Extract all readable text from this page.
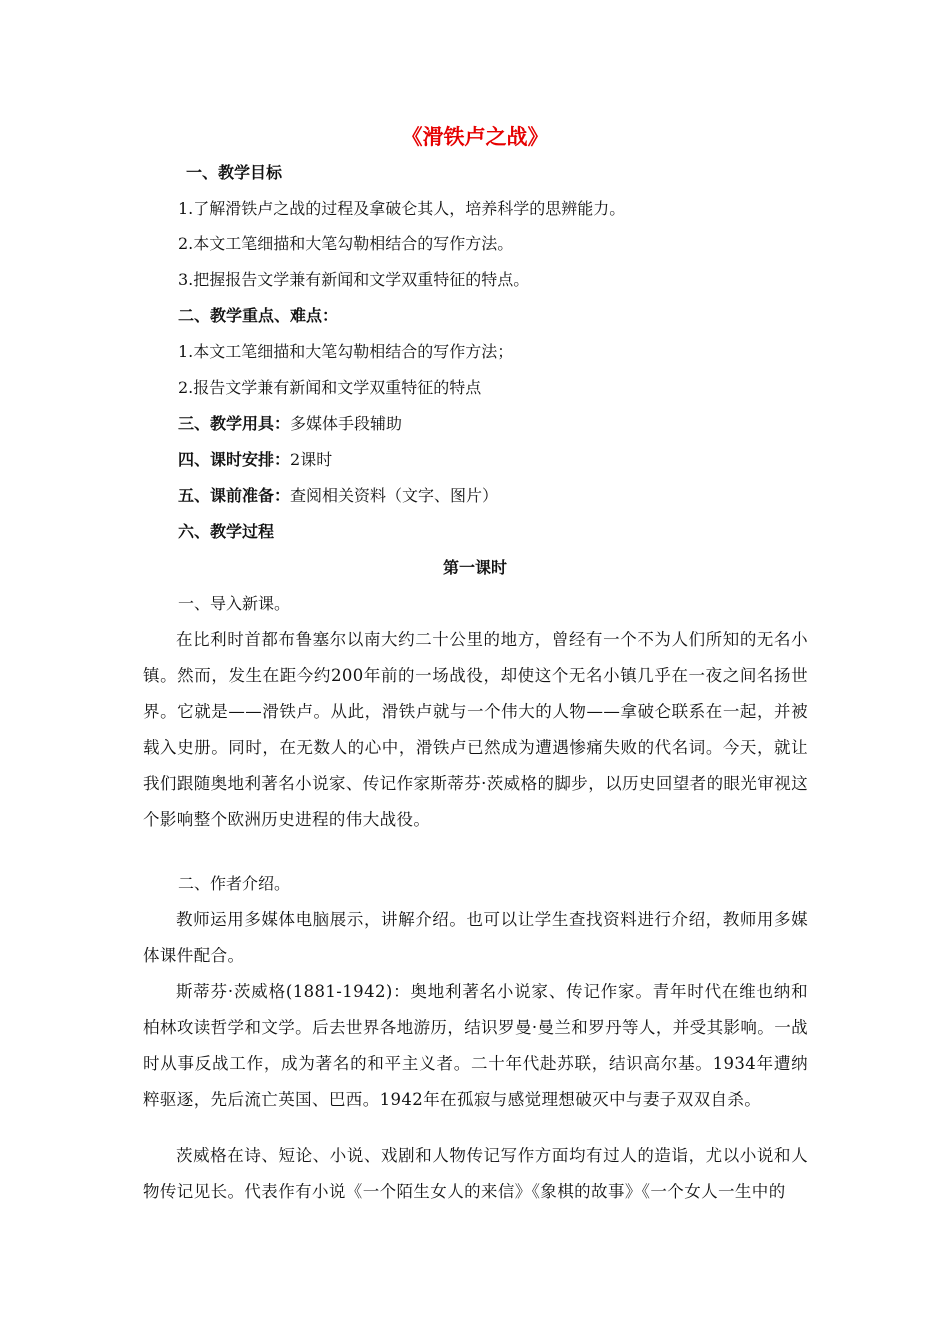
《滑铁卢之战》
一、教学目标
1.了解滑铁卢之战的过程及拿破仑其人，培养科学的思辨能力。
2.本文工笔细描和大笔勾勒相结合的写作方法。
3.把握报告文学兼有新闻和文学双重特征的特点。
二、教学重点、难点：
1.本文工笔细描和大笔勾勒相结合的写作方法；
2.报告文学兼有新闻和文学双重特征的特点
三、教学用具：多媒体手段辅助
四、课时安排：2课时
五、课前准备：查阅相关资料（文字、图片）
六、教学过程
第一课时
一、导入新课。
在比利时首都布鲁塞尔以南大约二十公里的地方，曾经有一个不为人们所知的无名小镇。然而，发生在距今约200年前的一场战役，却使这个无名小镇几乎在一夜之间名扬世界。它就是——滑铁卢。从此，滑铁卢就与一个伟大的人物——拿破仑联系在一起，并被载入史册。同时，在无数人的心中，滑铁卢已然成为遭遇惨痛失败的代名词。今天，就让我们跟随奥地利著名小说家、传记作家斯蒂芬·茨威格的脚步，以历史回望者的眼光审视这个影响整个欧洲历史进程的伟大战役。
二、作者介绍。
教师运用多媒体电脑展示，讲解介绍。也可以让学生查找资料进行介绍，教师用多媒体课件配合。
斯蒂芬·茨威格(1881-1942)：奥地利著名小说家、传记作家。青年时代在维也纳和柏林攻读哲学和文学。后去世界各地游历，结识罗曼·曼兰和罗丹等人，并受其影响。一战时从事反战工作，成为著名的和平主义者。二十年代赴苏联，结识高尔基。1934年遭纳粹驱逐，先后流亡英国、巴西。1942年在孤寂与感觉理想破灭中与妻子双双自杀。
茨威格在诗、短论、小说、戏剧和人物传记写作方面均有过人的造诣，尤以小说和人物传记见长。代表作有小说《一个陌生女人的来信》《象棋的故事》《一个女人一生中的
